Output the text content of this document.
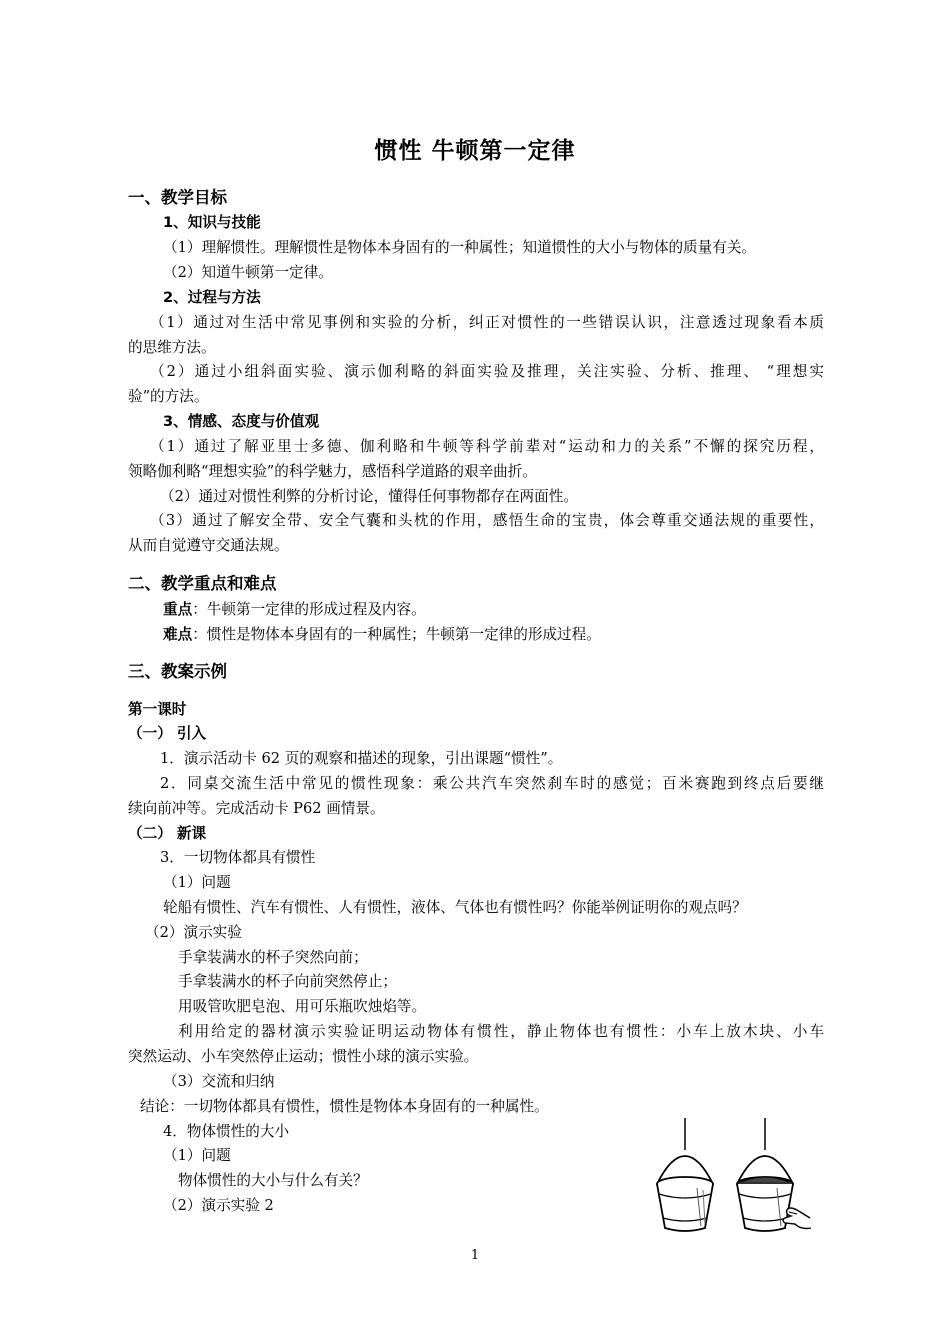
惯性 牛顿第一定律
一、教学目标
1、知识与技能
（1）理解惯性。理解惯性是物体本身固有的一种属性；知道惯性的大小与物体的质量有关。
（2）知道牛顿第一定律。
2、过程与方法
（1）通过对生活中常见事例和实验的分析，纠正对惯性的一些错误认识，注意透过现象看本质
的思维方法。
（2）通过小组斜面实验、演示伽利略的斜面实验及推理，关注实验、分析、推理、 “理想实
验”的方法。
3、情感、态度与价值观
（1）通过了解亚里士多德、伽利略和牛顿等科学前辈对“运动和力的关系”不懈的探究历程，
领略伽利略“理想实验”的科学魅力，感悟科学道路的艰辛曲折。
（2）通过对惯性利弊的分析讨论，懂得任何事物都存在两面性。
（3）通过了解安全带、安全气囊和头枕的作用，感悟生命的宝贵，体会尊重交通法规的重要性，
从而自觉遵守交通法规。
二、教学重点和难点
重点：牛顿第一定律的形成过程及内容。
难点：惯性是物体本身固有的一种属性；牛顿第一定律的形成过程。
三、教案示例
第一课时
（一） 引入
1．演示活动卡 62 页的观察和描述的现象，引出课题“惯性”。
2．同桌交流生活中常见的惯性现象：乘公共汽车突然刹车时的感觉；百米赛跑到终点后要继
续向前冲等。完成活动卡 P62 画情景。
（二） 新课
3．一切物体都具有惯性
（1）问题
轮船有惯性、汽车有惯性、人有惯性，液体、气体也有惯性吗？你能举例证明你的观点吗？
（2）演示实验
手拿装满水的杯子突然向前；
手拿装满水的杯子向前突然停止；
用吸管吹肥皂泡、用可乐瓶吹烛焰等。
利用给定的器材演示实验证明运动物体有惯性，静止物体也有惯性：小车上放木块、小车
突然运动、小车突然停止运动；惯性小球的演示实验。
（3）交流和归纳
结论：一切物体都具有惯性，惯性是物体本身固有的一种属性。
4．物体惯性的大小
（1）问题
物体惯性的大小与什么有关？
（2）演示实验 2
1
